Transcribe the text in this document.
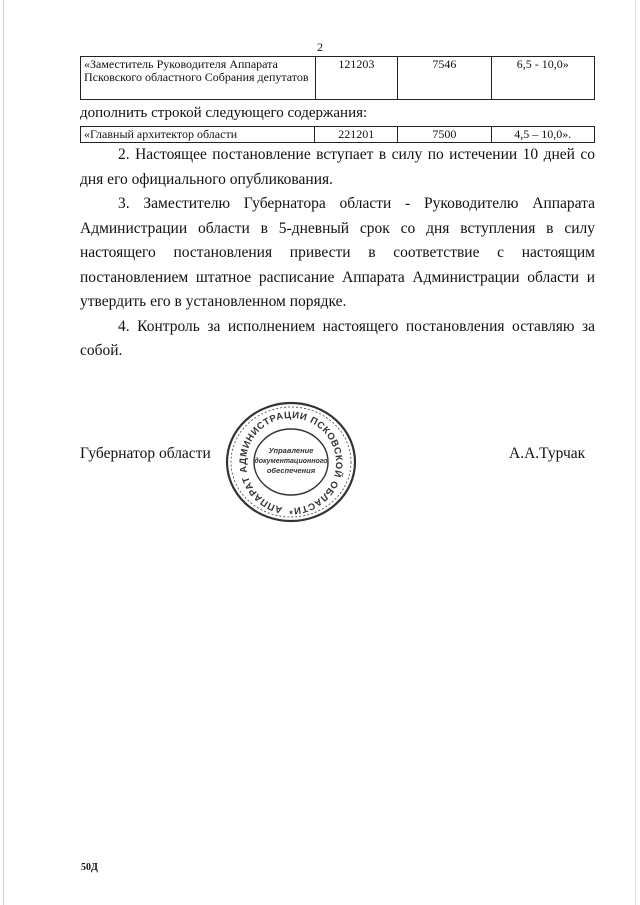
2
«Заместитель Руководителя Аппарата Псковского областного Собрания депутатов	121203	7546	6,5 - 10,0»
дополнить строкой следующего содержания:
«Главный архитектор области	221201	7500	4,5 – 10,0».

2. Настоящее постановление вступает в силу по истечении 10 дней со дня его официального опубликования.

3. Заместителю Губернатора области - Руководителю Аппарата Администрации области в 5-дневный срок со дня вступления в силу настоящего постановления привести в соответствие с настоящим постановлением штатное расписание Аппарата Администрации области и утвердить его в установленном порядке.

4. Контроль за исполнением настоящего постановления оставляю за собой.

Губернатор области	А.А.Турчак
АППАРАТ АДМИНИСТРАЦИИ ПСКОВСКОЙ ОБЛАСТИ
Управление
документационного
обеспечения
*
50Д
